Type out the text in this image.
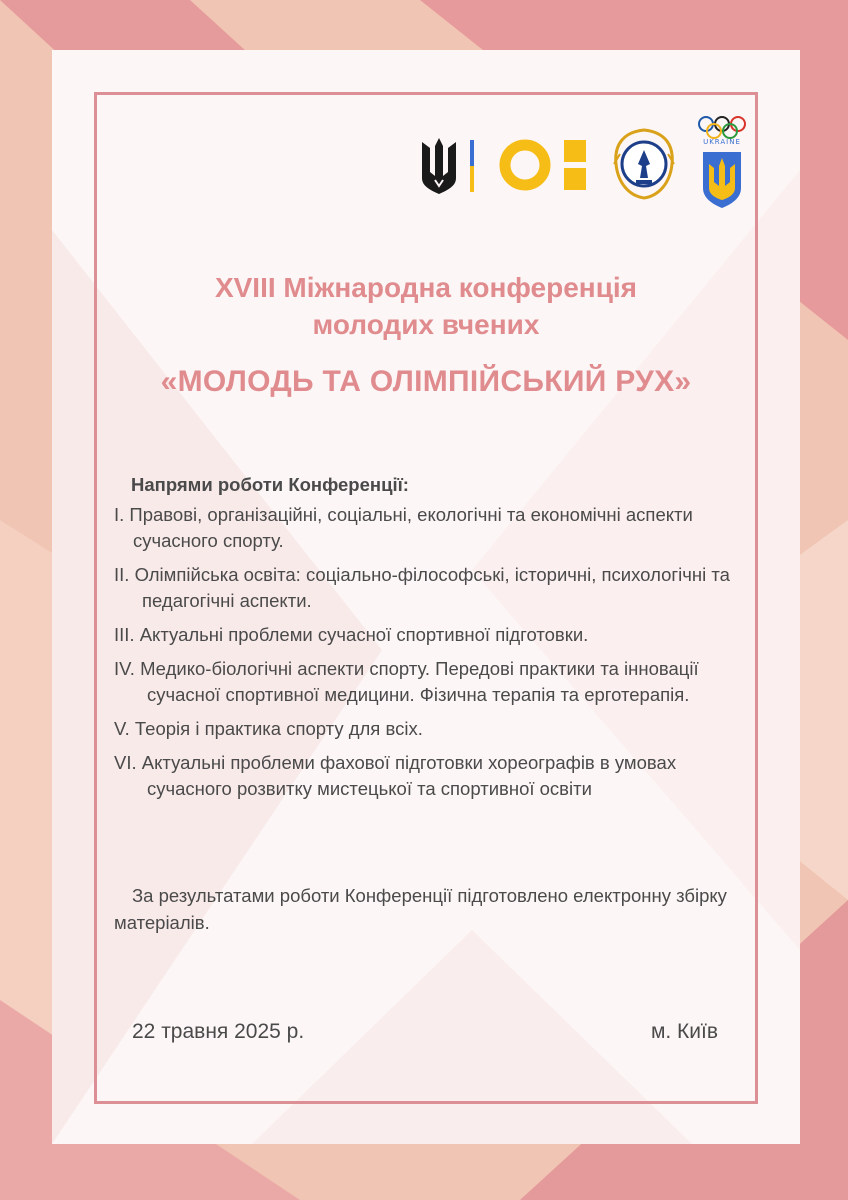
UKRAINE
XVIII Міжнародна конференція
молодих вчених
«МОЛОДЬ ТА ОЛІМПІЙСЬКИЙ РУХ»

Напрями роботи Конференції:

I. Правові, організаційні, соціальні, екологічні та економічні аспекти сучасного спорту.
II. Олімпійська освіта: соціально-філософські, історичні, психологічні та педагогічні аспекти.
III. Актуальні проблеми сучасної спортивної підготовки.
IV. Медико-біологічні аспекти спорту. Передові практики та інновації сучасної спортивної медицини. Фізична терапія та ерготерапія.
V. Теорія і практика спорту для всіх.
VI. Актуальні проблеми фахової підготовки хореографів в умовах сучасного розвитку мистецької та спортивної освіти

За результатами роботи Конференції підготовлено електронну збірку матеріалів.

22 травня 2025 р.	м. Київ
